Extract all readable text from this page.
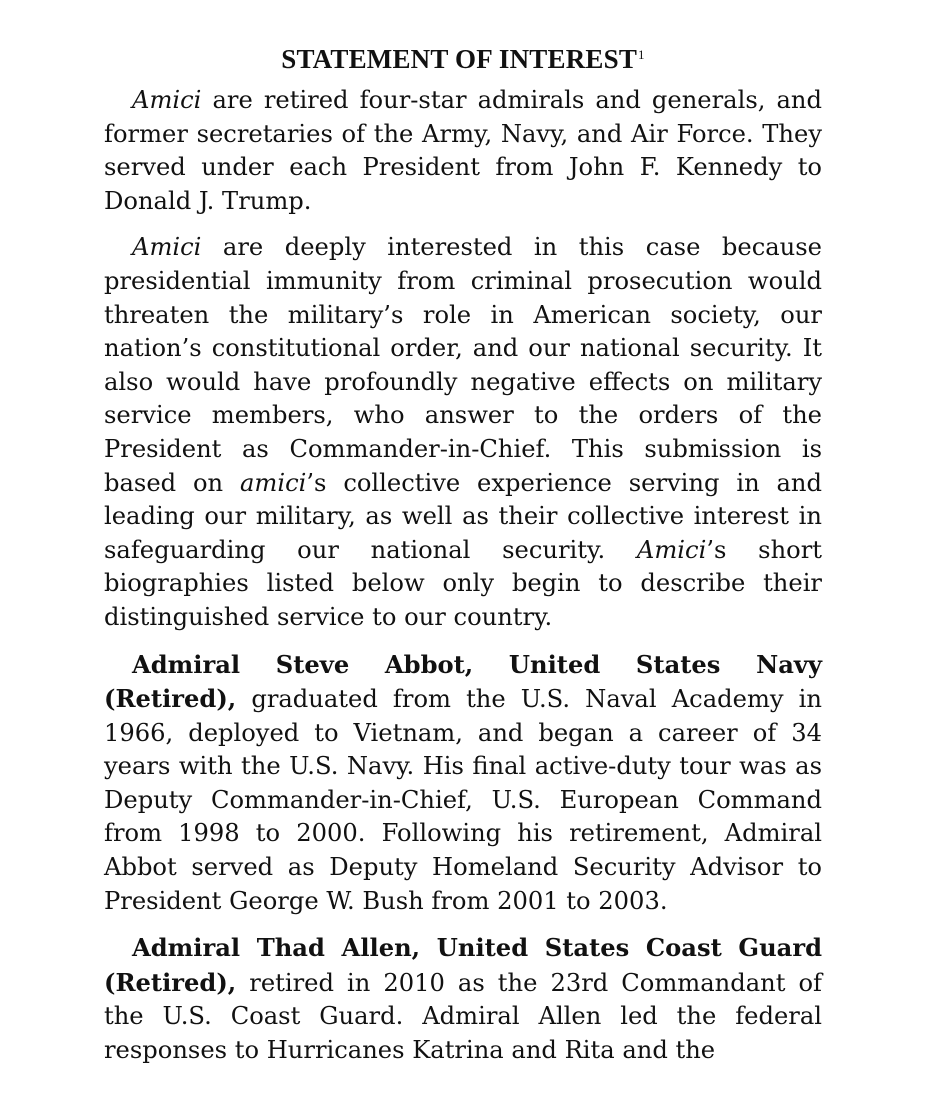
STATEMENT OF INTEREST$^1$

Amici are retired four-star admirals and generals, and former secretaries of the Army, Navy, and Air Force. They served under each President from John F. Kennedy to Donald J. Trump.

Amici are deeply interested in this case because presidential immunity from criminal prosecution would threaten the military’s role in American society, our nation’s constitutional order, and our national security. It also would have profoundly negative effects on military service members, who answer to the orders of the President as Commander-in-Chief. This submission is based on amici’s collective experience serving in and leading our military, as well as their collective interest in safeguarding our national security. Amici’s short biographies listed below only begin to describe their distinguished service to our country.

Admiral Steve Abbot, United States Navy (Retired), graduated from the U.S. Naval Academy in 1966, deployed to Vietnam, and began a career of 34 years with the U.S. Navy. His final active-duty tour was as Deputy Commander-in-Chief, U.S. European Command from 1998 to 2000. Following his retirement, Admiral Abbot served as Deputy Homeland Security Advisor to President George W. Bush from 2001 to 2003.

Admiral Thad Allen, United States Coast Guard (Retired), retired in 2010 as the 23rd Commandant of the U.S. Coast Guard. Admiral Allen led the federal responses to Hurricanes Katrina and Rita and the
